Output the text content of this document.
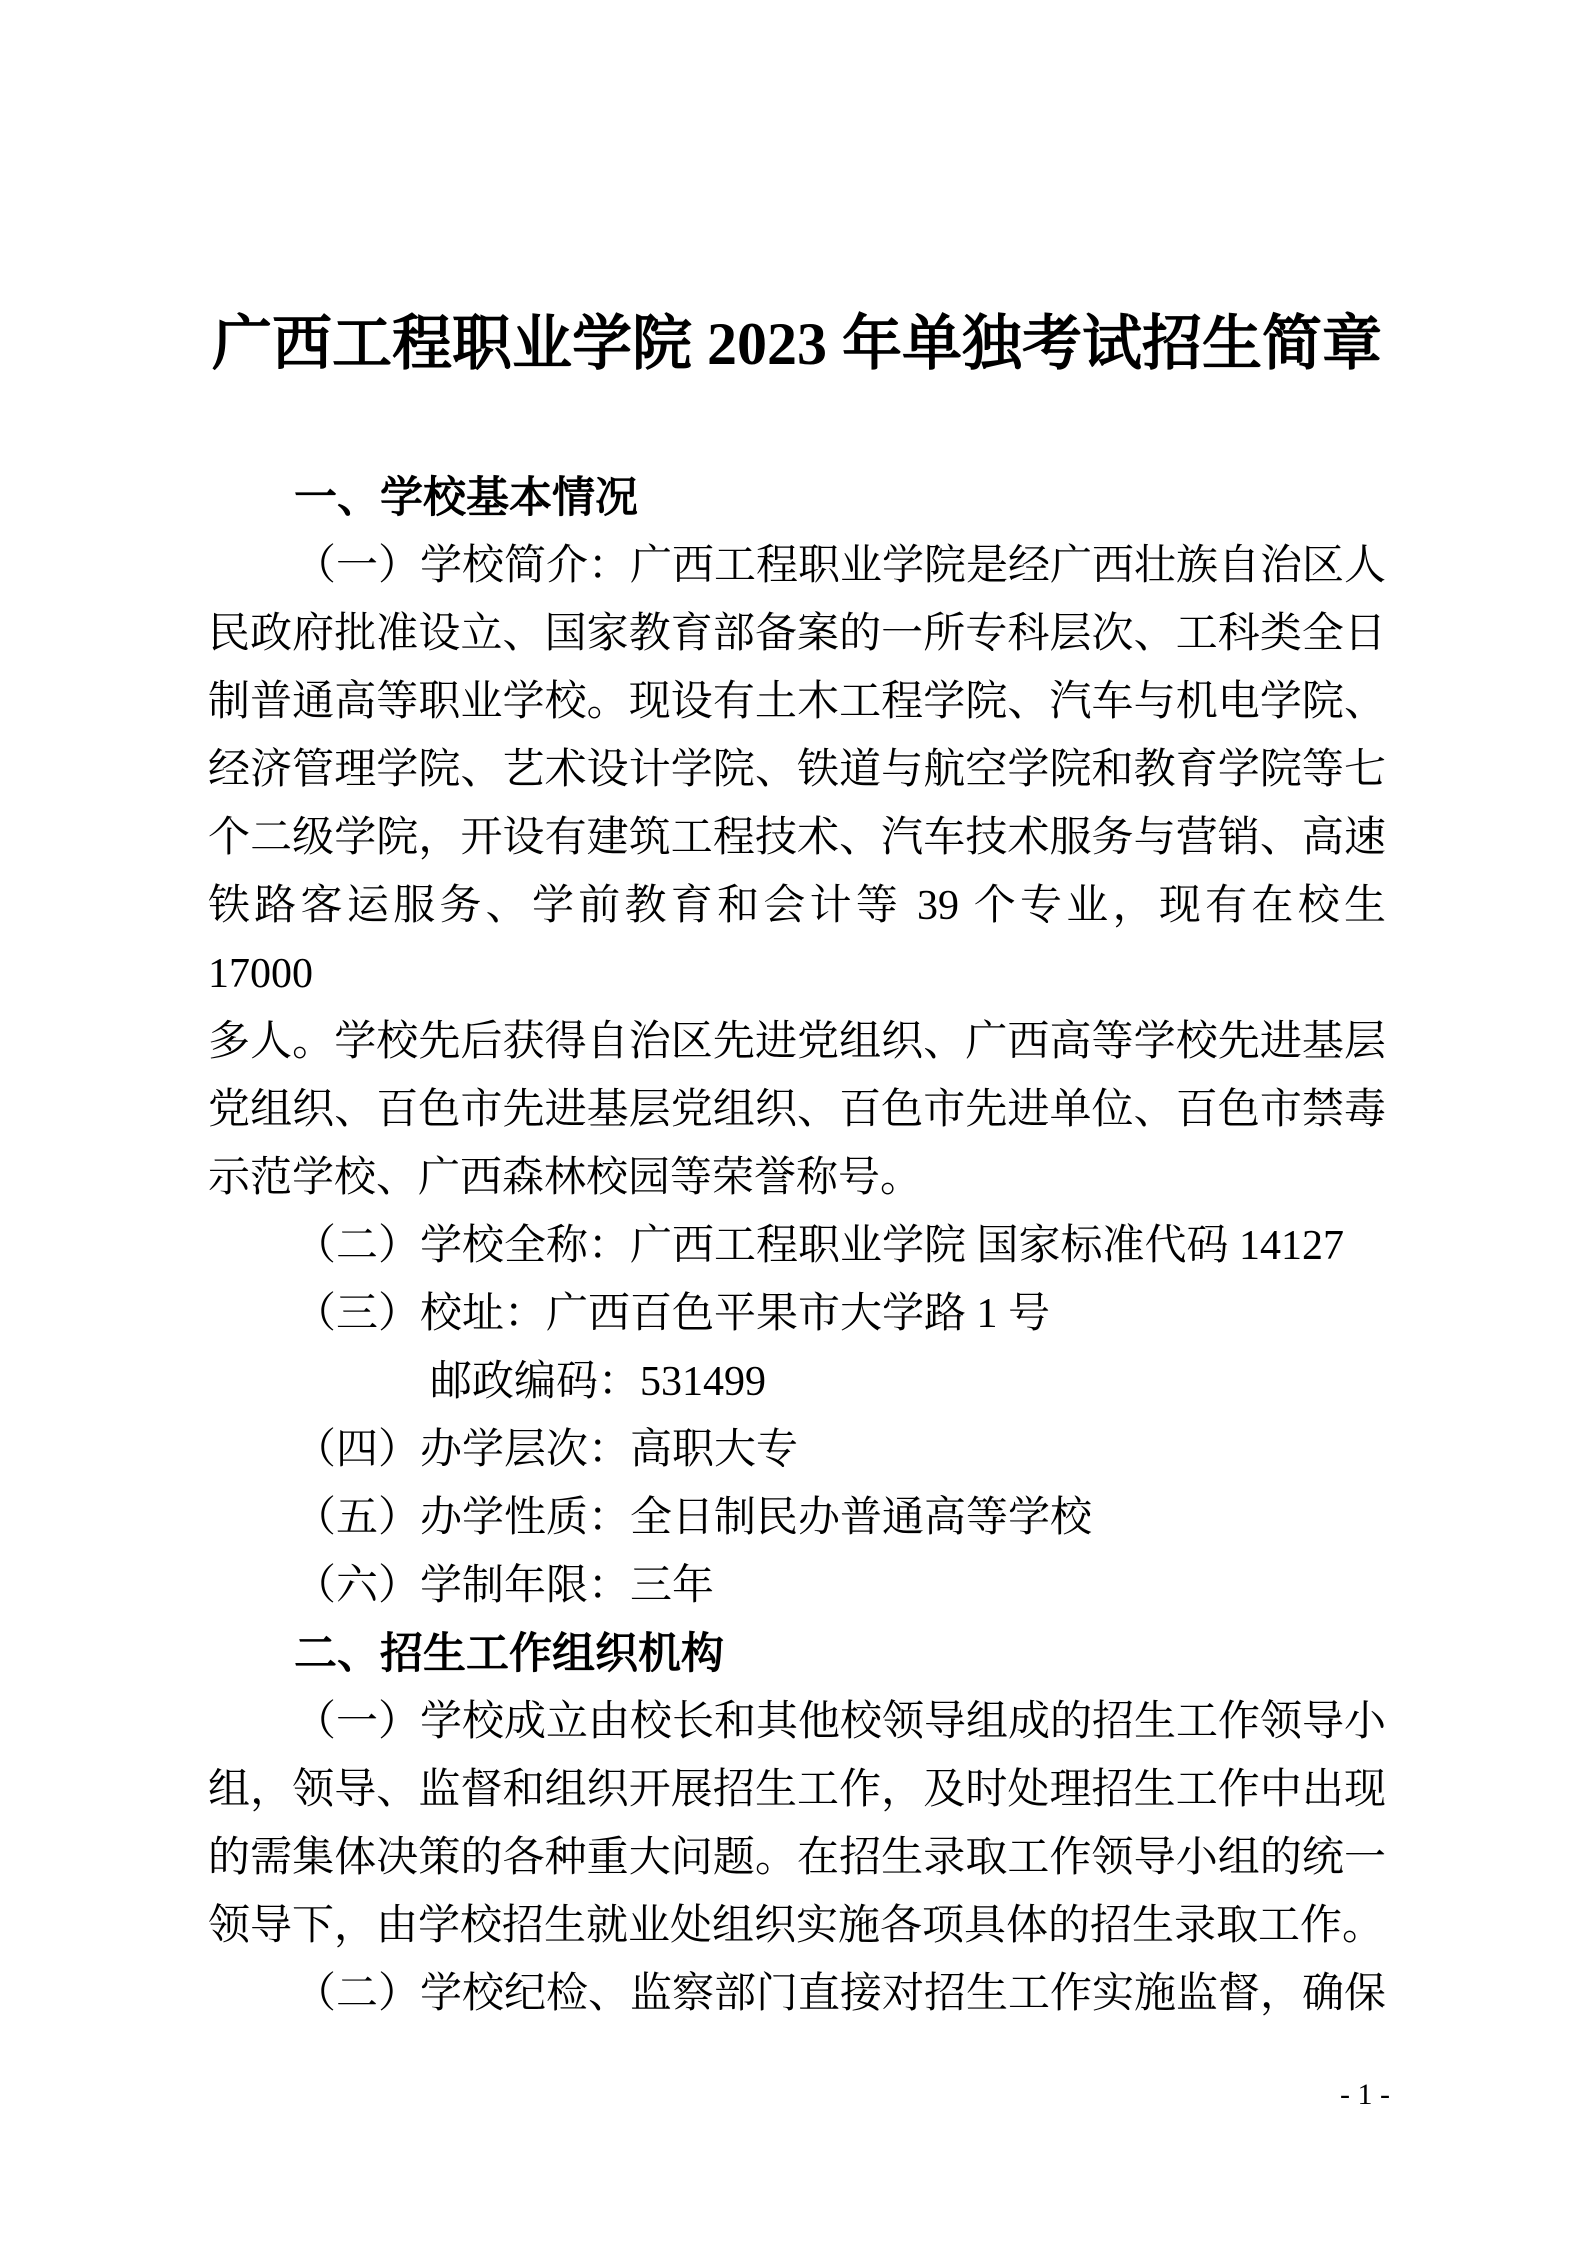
广西工程职业学院 2023 年单独考试招生简章
一、学校基本情况
（一）学校简介：广西工程职业学院是经广西壮族自治区人
民政府批准设立、国家教育部备案的一所专科层次、工科类全日
制普通高等职业学校。现设有土木工程学院、汽车与机电学院、
经济管理学院、艺术设计学院、铁道与航空学院和教育学院等七
个二级学院，开设有建筑工程技术、汽车技术服务与营销、高速
铁路客运服务、学前教育和会计等 39 个专业，现有在校生 17000
多人。学校先后获得自治区先进党组织、广西高等学校先进基层
党组织、百色市先进基层党组织、百色市先进单位、百色市禁毒
示范学校、广西森林校园等荣誉称号。
（二）学校全称：广西工程职业学院 国家标准代码 14127
（三）校址：广西百色平果市大学路 1 号
邮政编码：531499
（四）办学层次：高职大专
（五）办学性质：全日制民办普通高等学校
（六）学制年限：三年
二、招生工作组织机构
（一）学校成立由校长和其他校领导组成的招生工作领导小
组，领导、监督和组织开展招生工作，及时处理招生工作中出现
的需集体决策的各种重大问题。在招生录取工作领导小组的统一
领导下，由学校招生就业处组织实施各项具体的招生录取工作。
（二）学校纪检、监察部门直接对招生工作实施监督，确保
- 1 -
